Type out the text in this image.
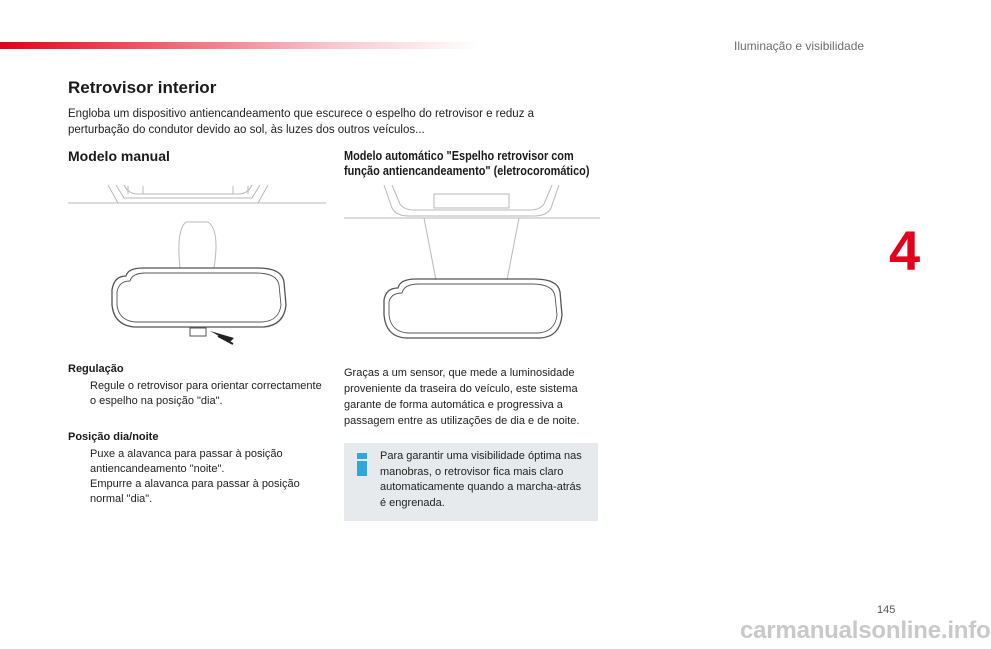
Iluminação e visibilidade
4
Retrovisor interior

Engloba um dispositivo antiencandeamento que escurece o espelho do retrovisor e reduz a perturbação do condutor devido ao sol, às luzes dos outros veículos...

Modelo manual	Modelo automático "Espelho retrovisor com função antiencandeamento" (eletrocoromático)
Regulação
Regule o retrovisor para orientar correctamente o espelho na posição "dia".
Posição dia/noite
Puxe a alavanca para passar à posição antiencandeamento "noite".
Empurre a alavanca para passar à posição normal "dia".

Graças a um sensor, que mede a luminosidade proveniente da traseira do veículo, este sistema garante de forma automática e progressiva a passagem entre as utilizações de dia e de noite.

Para garantir uma visibilidade óptima nas manobras, o retrovisor fica mais claro automaticamente quando a marcha-atrás é engrenada.

145
carmanualsonline.info
